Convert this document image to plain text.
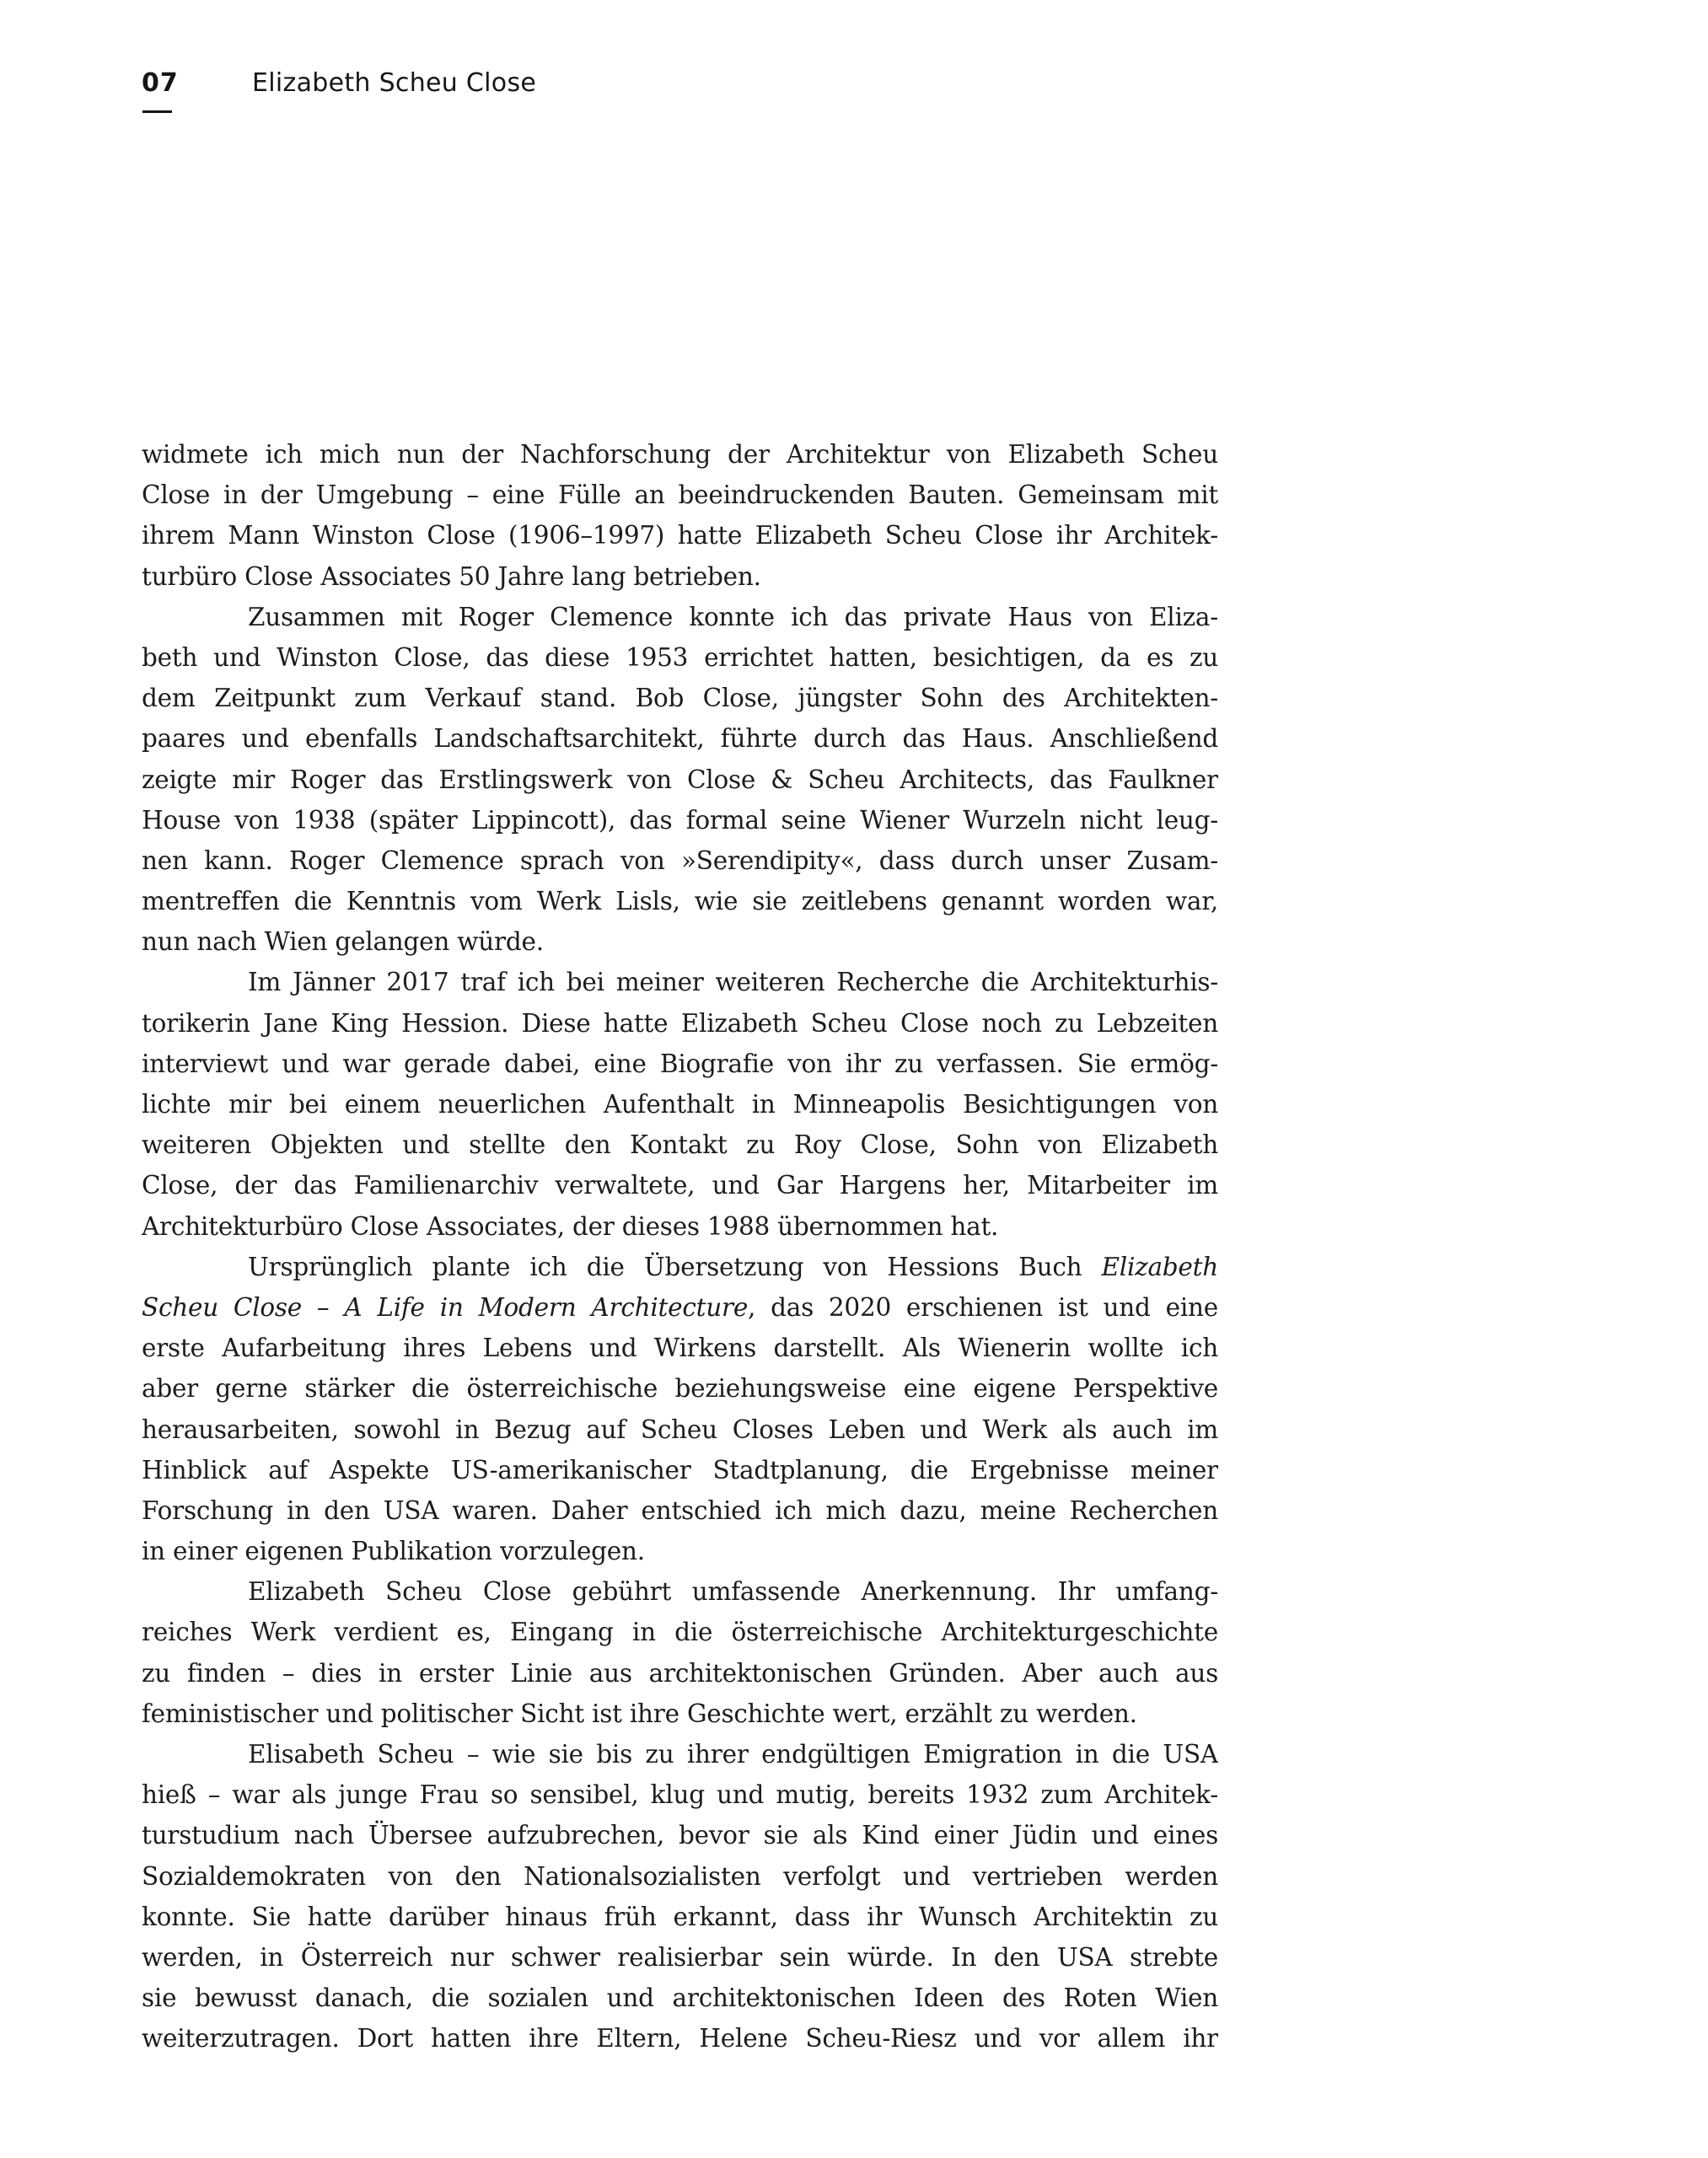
07	Elizabeth Scheu Close
widmete ich mich nun der Nachforschung der Architektur von Elizabeth Scheu
Close in der Umgebung – eine Fülle an beeindruckenden Bauten. Gemeinsam mit
ihrem Mann Winston Close (1906–1997) hatte Elizabeth Scheu Close ihr Architek-
turbüro Close Associates 50 Jahre lang betrieben.
Zusammen mit Roger Clemence konnte ich das private Haus von Eliza-
beth und Winston Close, das diese 1953 errichtet hatten, besichtigen, da es zu
dem Zeitpunkt zum Verkauf stand. Bob Close, jüngster Sohn des Architekten-
paares und ebenfalls Landschaftsarchitekt, führte durch das Haus. Anschließend
zeigte mir Roger das Erstlingswerk von Close & Scheu Architects, das Faulkner
House von 1938 (später Lippincott), das formal seine Wiener Wurzeln nicht leug-
nen kann. Roger Clemence sprach von »Serendipity«, dass durch unser Zusam-
mentreffen die Kenntnis vom Werk Lisls, wie sie zeitlebens genannt worden war,
nun nach Wien gelangen würde.
Im Jänner 2017 traf ich bei meiner weiteren Recherche die Architekturhis-
torikerin Jane King Hession. Diese hatte Elizabeth Scheu Close noch zu Lebzeiten
interviewt und war gerade dabei, eine Biografie von ihr zu verfassen. Sie ermög-
lichte mir bei einem neuerlichen Aufenthalt in Minneapolis Besichtigungen von
weiteren Objekten und stellte den Kontakt zu Roy Close, Sohn von Elizabeth
Close, der das Familienarchiv verwaltete, und Gar Hargens her, Mitarbeiter im
Architekturbüro Close Associates, der dieses 1988 übernommen hat.
Ursprünglich plante ich die Übersetzung von Hessions Buch Elizabeth
Scheu Close – A Life in Modern Architecture, das 2020 erschienen ist und eine
erste Aufarbeitung ihres Lebens und Wirkens darstellt. Als Wienerin wollte ich
aber gerne stärker die österreichische beziehungsweise eine eigene Perspektive
herausarbeiten, sowohl in Bezug auf Scheu Closes Leben und Werk als auch im
Hinblick auf Aspekte US-amerikanischer Stadtplanung, die Ergebnisse meiner
Forschung in den USA waren. Daher entschied ich mich dazu, meine Recherchen
in einer eigenen Publikation vorzulegen.
Elizabeth Scheu Close gebührt umfassende Anerkennung. Ihr umfang-
reiches Werk verdient es, Eingang in die österreichische Architekturgeschichte
zu finden – dies in erster Linie aus architektonischen Gründen. Aber auch aus
feministischer und politischer Sicht ist ihre Geschichte wert, erzählt zu werden.
Elisabeth Scheu – wie sie bis zu ihrer endgültigen Emigration in die USA
hieß – war als junge Frau so sensibel, klug und mutig, bereits 1932 zum Architek-
turstudium nach Übersee aufzubrechen, bevor sie als Kind einer Jüdin und eines
Sozialdemokraten von den Nationalsozialisten verfolgt und vertrieben werden
konnte. Sie hatte darüber hinaus früh erkannt, dass ihr Wunsch Architektin zu
werden, in Österreich nur schwer realisierbar sein würde. In den USA strebte
sie bewusst danach, die sozialen und architektonischen Ideen des Roten Wien
weiterzutragen. Dort hatten ihre Eltern, Helene Scheu-Riesz und vor allem ihr
